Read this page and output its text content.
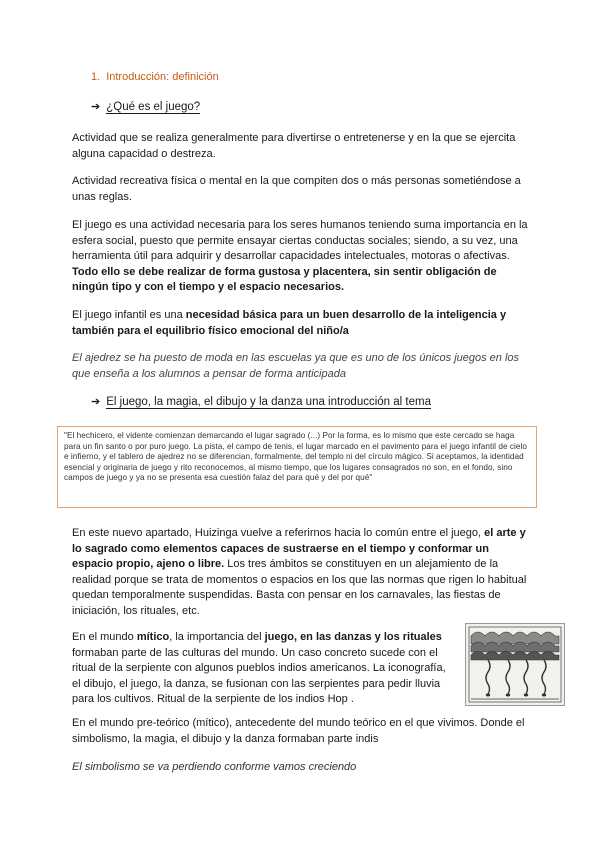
1. Introducción: definición
➔ ¿Qué es el juego?

Actividad que se realiza generalmente para divertirse o entretenerse y en la que se ejercita alguna capacidad o destreza.

Actividad recreativa física o mental en la que compiten dos o más personas sometiéndose a unas reglas.

El juego es una actividad necesaria para los seres humanos teniendo suma importancia en la esfera social, puesto que permite ensayar ciertas conductas sociales; siendo, a su vez, una herramienta útil para adquirir y desarrollar capacidades intelectuales, motoras o afectivas. Todo ello se debe realizar de forma gustosa y placentera, sin sentir obligación de ningún tipo y con el tiempo y el espacio necesarios.

El juego infantil es una necesidad básica para un buen desarrollo de la inteligencia y también para el equilibrio físico emocional del niño/a

El ajedrez se ha puesto de moda en las escuelas ya que es uno de los únicos juegos en los que enseña a los alumnos a pensar de forma anticipada

➔ El juego, la magia, el dibujo y la danza una introducción al tema

"El hechicero, el vidente comienzan demarcando el lugar sagrado (...) Por la forma, es lo mismo que este cercado se haga para un fin santo o por puro juego. La pista, el campo de tenis, el lugar marcado en el pavimento para el juego infantil de cielo e infierno, y el tablero de ajedrez no se diferencian, formalmente, del templo ni del círculo mágico. Si aceptamos, la identidad esencial y originaria de juego y rito reconocemos, al mismo tiempo, que los lugares consagrados no son, en el fondo, sino campos de juego y ya no se presenta esa cuestión falaz del para qué y del por qué"

En este nuevo apartado, Huizinga vuelve a referirnos hacia lo común entre el juego, el arte y lo sagrado como elementos capaces de sustraerse en el tiempo y conformar un espacio propio, ajeno o libre. Los tres ámbitos se constituyen en un alejamiento de la realidad porque se trata de momentos o espacios en los que las normas que rigen lo habitual quedan temporalmente suspendidas. Basta con pensar en los carnavales, las fiestas de iniciación, los rituales, etc.

En el mundo mítico, la importancia del juego, en las danzas y los rituales formaban parte de las culturas del mundo. Un caso concreto sucede con el ritual de la serpiente con algunos pueblos indios americanos. La iconografía, el dibujo, el juego, la danza, se fusionan con las serpientes para pedir lluvia para los cultivos. Ritual de la serpiente de los indios Hop .

En el mundo pre-teórico (mítico), antecedente del mundo teórico en el que vivimos. Donde el simbolismo, la magia, el dibujo y la danza formaban parte indis

El simbolismo se va perdiendo conforme vamos creciendo
